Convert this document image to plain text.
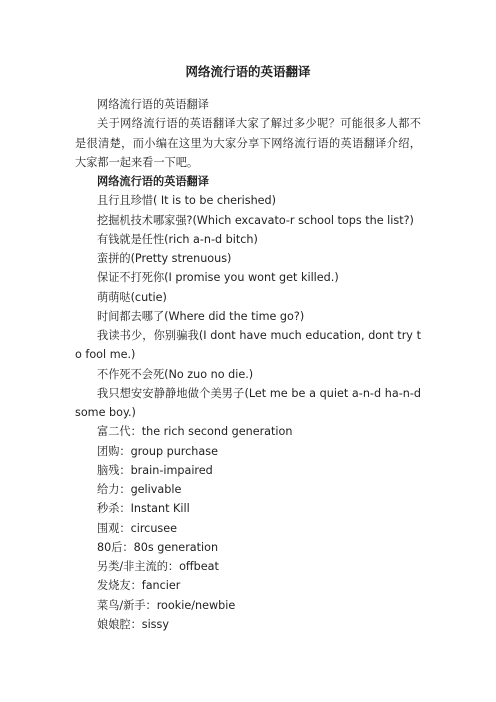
网络流行语的英语翻译

网络流行语的英语翻译

关于网络流行语的英语翻译大家了解过多少呢？可能很多人都不是很清楚，而小编在这里为大家分享下网络流行语的英语翻译介绍，大家都一起来看一下吧。

网络流行语的英语翻译

且行且珍惜( It is to be cherished)

挖掘机技术哪家强?(Which excavato-r school tops the list?)

有钱就是任性(rich a-n-d bitch)

蛮拼的(Pretty strenuous)

保证不打死你(I promise you wont get killed.)

萌萌哒(cutie)

时间都去哪了(Where did the time go?)

我读书少，你别骗我(I dont have much education, dont try to fool me.)

不作死不会死(No zuo no die.)

我只想安安静静地做个美男子(Let me be a quiet a-n-d ha-n-dsome boy.)

富二代：the rich second generation

团购：group purchase

脑残：brain-impaired

给力：gelivable

秒杀：Instant Kill

围观：circusee

80后：80s generation

另类/非主流的：offbeat

发烧友：fancier

菜鸟/新手：rookie/newbie

娘娘腔：sissy
